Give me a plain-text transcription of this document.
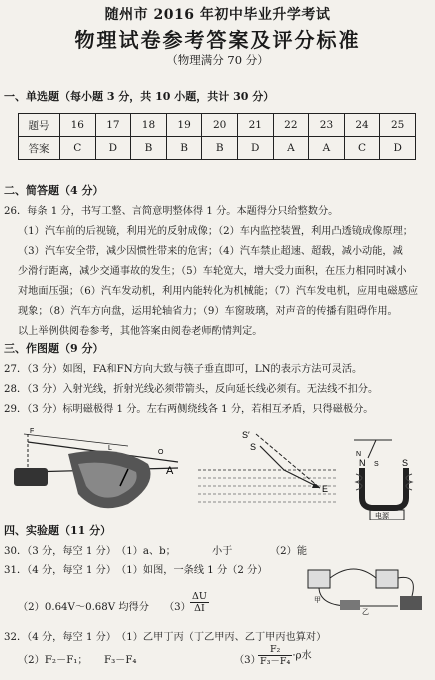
随州市 2016 年初中毕业升学考试
物理试卷参考答案及评分标准
（物理满分 70 分）
一、单选题（每小题 3 分，共 10 小题，共计 30 分）
题号	16	17	18	19	20	21	22	23	24	25
答案	C	D	B	B	B	D	A	A	C	D
二、简答题（4 分）
26．每条 1 分，书写工整、言简意明整体得 1 分。本题得分只给整数分。
（1）汽车前的后视镜，利用光的反射成像；（2）车内监控装置，利用凸透镜成像原理；
（3）汽车安全带，减少因惯性带来的危害；（4）汽车禁止超速、超载，减小动能，减
少滑行距离，减少交通事故的发生；（5）车轮宽大，增大受力面积，在压力相同时减小
对地面压强；（6）汽车发动机，利用内能转化为机械能；（7）汽车发电机，应用电磁感应
现象；（8）汽车方向盘，运用轮轴省力；（9）车窗玻璃，对声音的传播有阻碍作用。
以上举例供阅卷参考，其他答案由阅卷老师酌情判定。
三、作图题（9 分）
27．（3 分）如图，FA和FN方向大致与筷子垂直即可，LN的表示方法可灵活。
28．（3 分）入射光线，折射光线必须带箭头，反向延长线必须有。无法线不扣分。
29．（3 分）标明磁极得 1 分。左右两侧绕线各 1 分，若相互矛盾，只得磁极分。
A
F
L
O
S′
S
E
N
S
N	S
电源
四、实验题（11 分）
30．（3 分，每空 1 分）　（1）a、b；	小于	（2）能
31．（4 分，每空 1 分）　（1）如图，一条线 1 分（2 分）
（2）0.64V～0.68V 均得分 $(3) \frac{\Delta U}{\Delta I}$	甲
乙
32．（4 分，每空 1 分）　（1）乙甲丁丙（丁乙甲丙、乙丁甲丙也算对）
（2）F₂－F₁； F₃－F₄	（3）
$\frac{\text{F₂}}{\text{F₃－F₄}} \cdot\rho$水
